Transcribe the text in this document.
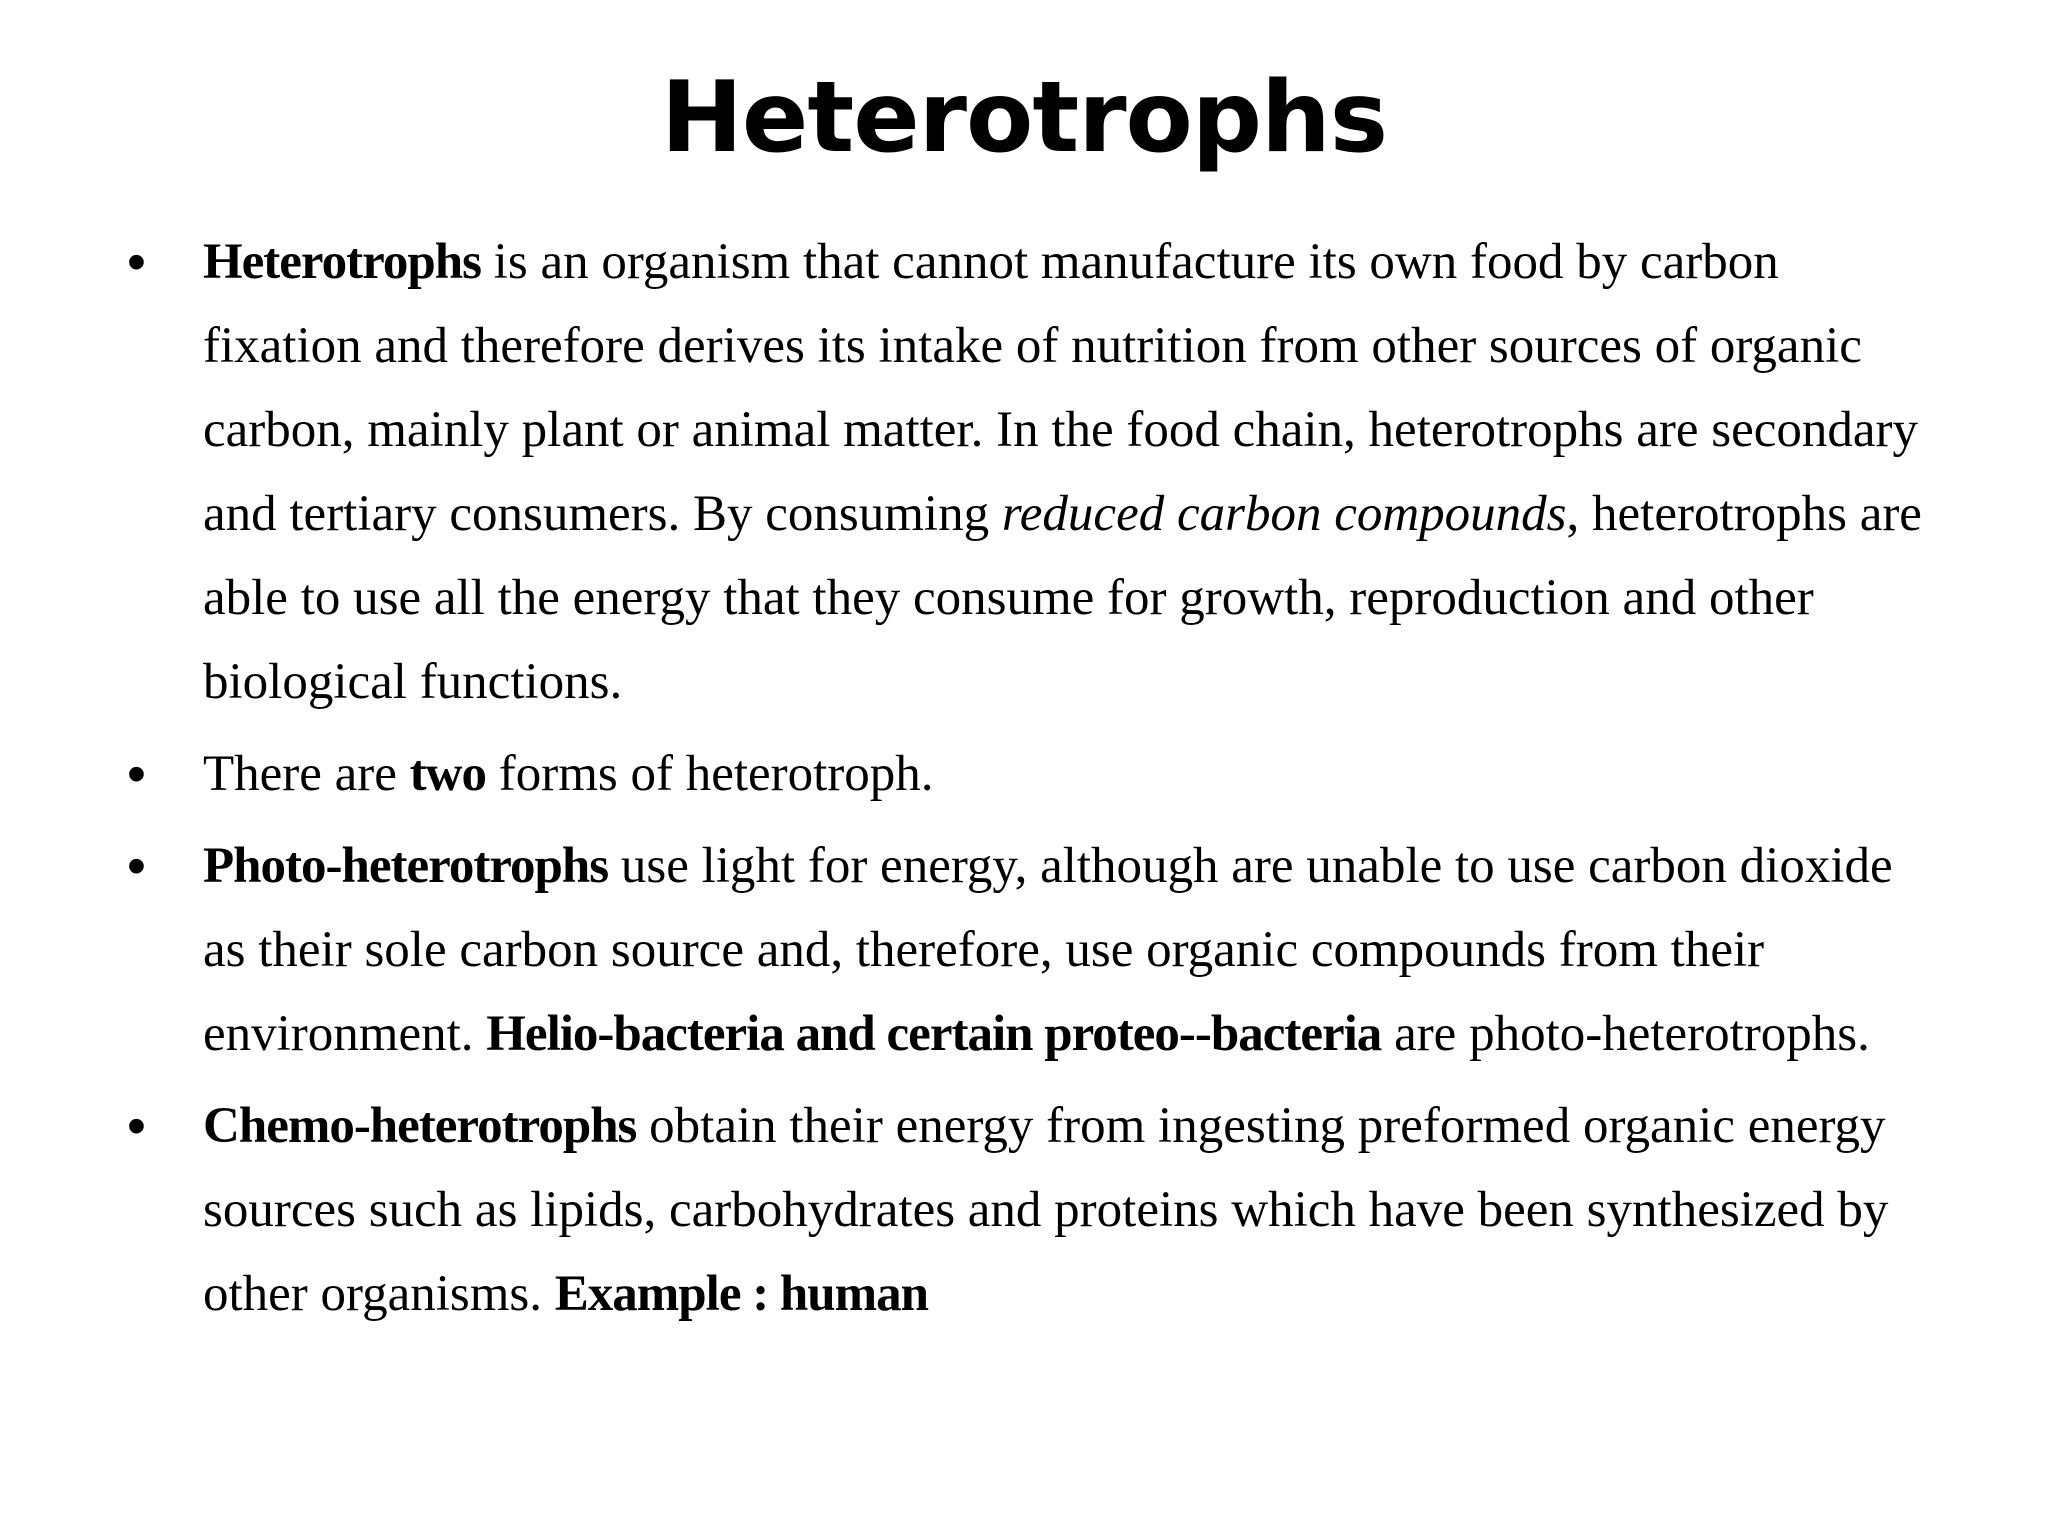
Heterotrophs
• Heterotrophs is an organism that cannot manufacture its own food by carbon fixation and therefore derives its intake of nutrition from other sources of organic carbon, mainly plant or animal matter. In the food chain, heterotrophs are secondary and tertiary consumers. By consuming reduced carbon compounds, heterotrophs are able to use all the energy that they consume for growth, reproduction and other biological functions.
• There are two forms of heterotroph.
• Photo-heterotrophs use light for energy, although are unable to use carbon dioxide as their sole carbon source and, therefore, use organic compounds from their environment. Helio-bacteria and certain proteo--bacteria are photo-heterotrophs.
• Chemo-heterotrophs obtain their energy from ingesting preformed organic energy sources such as lipids, carbohydrates and proteins which have been synthesized by other organisms. Example : human
